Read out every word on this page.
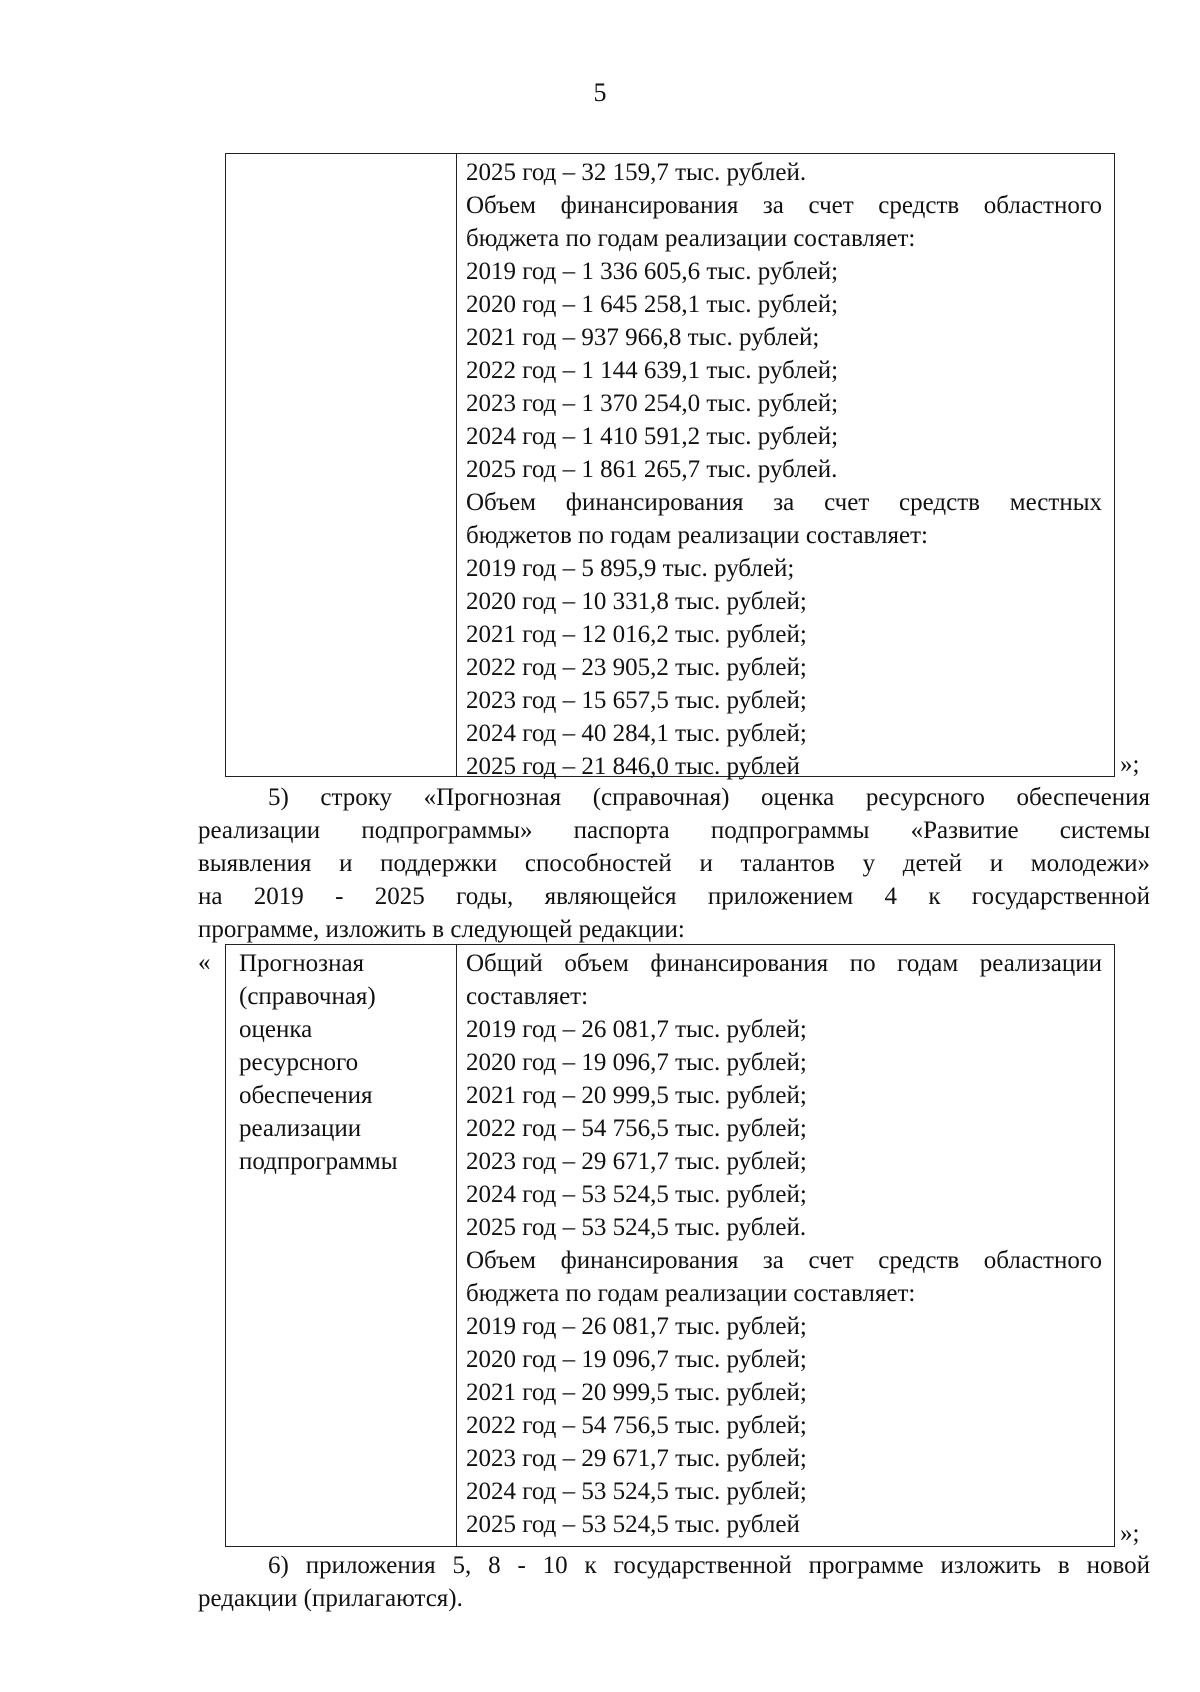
5
2025 год – 32 159,7 тыс. рублей.
Объем финансирования за счет средств областного
бюджета по годам реализации составляет:
2019 год – 1 336 605,6 тыс. рублей;
2020 год – 1 645 258,1 тыс. рублей;
2021 год – 937 966,8 тыс. рублей;
2022 год – 1 144 639,1 тыс. рублей;
2023 год – 1 370 254,0 тыс. рублей;
2024 год – 1 410 591,2 тыс. рублей;
2025 год – 1 861 265,7 тыс. рублей.
Объем финансирования за счет средств местных
бюджетов по годам реализации составляет:
2019 год – 5 895,9 тыс. рублей;
2020 год – 10 331,8 тыс. рублей;
2021 год – 12 016,2 тыс. рублей;
2022 год – 23 905,2 тыс. рублей;
2023 год – 15 657,5 тыс. рублей;
2024 год – 40 284,1 тыс. рублей;
2025 год – 21 846,0 тыс. рублей	»;
5) строку «Прогнозная (справочная) оценка ресурсного обеспечения
реализации подпрограммы» паспорта подпрограммы «Развитие системы
выявления и поддержки способностей и талантов у детей и молодежи»
на 2019 - 2025 годы, являющейся приложением 4 к государственной
программе, изложить в следующей редакции:
« Прогнозная
(справочная)
оценка
ресурсного
обеспечения
реализации
подпрограммы
Общий объем финансирования по годам реализации
составляет:
2019 год – 26 081,7 тыс. рублей;
2020 год – 19 096,7 тыс. рублей;
2021 год – 20 999,5 тыс. рублей;
2022 год – 54 756,5 тыс. рублей;
2023 год – 29 671,7 тыс. рублей;
2024 год – 53 524,5 тыс. рублей;
2025 год – 53 524,5 тыс. рублей.
Объем финансирования за счет средств областного
бюджета по годам реализации составляет:
2019 год – 26 081,7 тыс. рублей;
2020 год – 19 096,7 тыс. рублей;
2021 год – 20 999,5 тыс. рублей;
2022 год – 54 756,5 тыс. рублей;
2023 год – 29 671,7 тыс. рублей;
2024 год – 53 524,5 тыс. рублей;
2025 год – 53 524,5 тыс. рублей	»;
6) приложения 5, 8 - 10 к государственной программе изложить в новой
редакции (прилагаются).
